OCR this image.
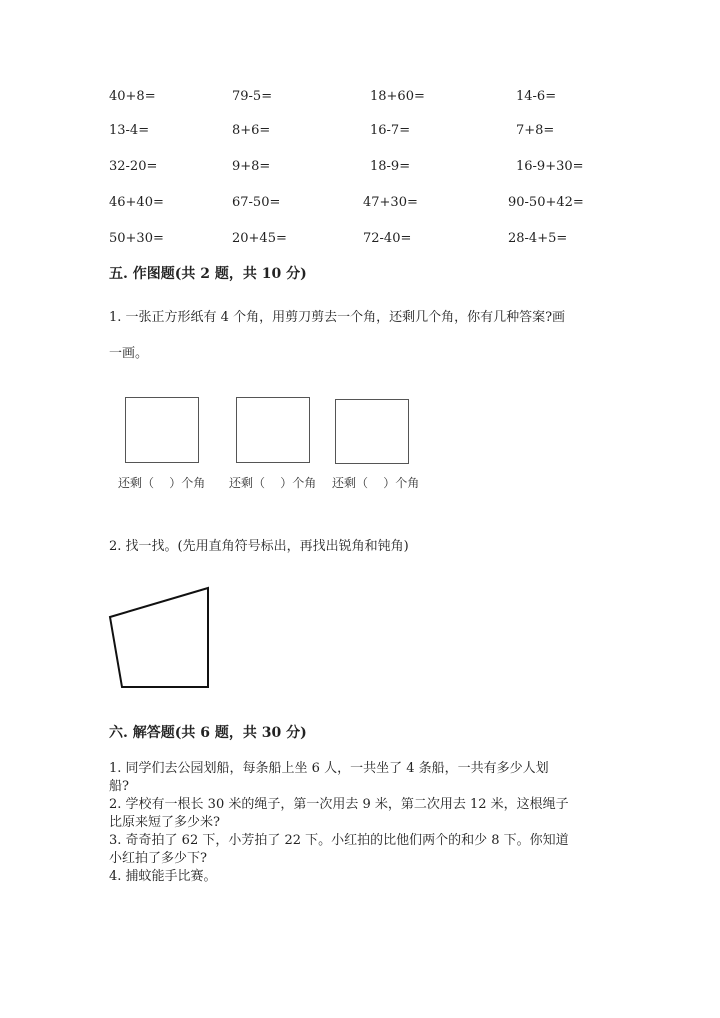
40+8=	79-5=	18+60=	14-6=
13-4=	8+6=	16-7=	7+8=
32-20=	9+8=	18-9=	16-9+30=
46+40=	67-50=	47+30=	90-50+42=
50+30=	20+45=	72-40=	28-4+5=
五. 作图题(共 2 题，共 10 分)
1. 一张正方形纸有 4 个角，用剪刀剪去一个角，还剩几个角，你有几种答案?画
一画。
还剩（    ）个角 还剩（    ）个角 还剩（    ）个角
2. 找一找。(先用直角符号标出，再找出锐角和钝角)
六. 解答题(共 6 题，共 30 分)
1. 同学们去公园划船，每条船上坐 6 人，一共坐了 4 条船，一共有多少人划
船?
2. 学校有一根长 30 米的绳子，第一次用去 9 米，第二次用去 12 米，这根绳子
比原来短了多少米?
3. 奇奇拍了 62 下，小芳拍了 22 下。小红拍的比他们两个的和少 8 下。你知道
小红拍了多少下?
4. 捕蚊能手比赛。
